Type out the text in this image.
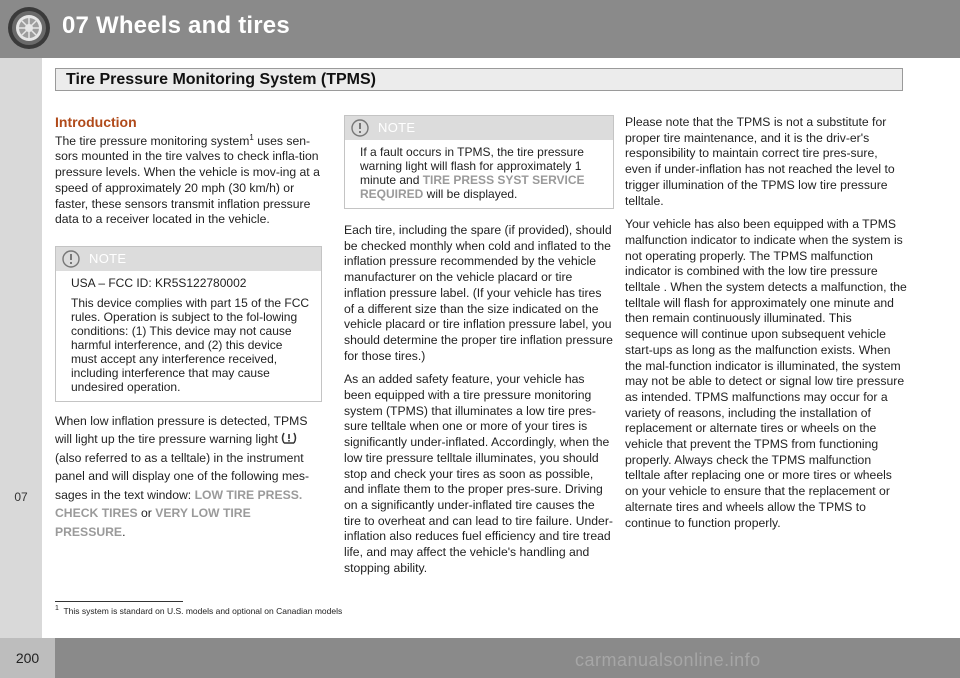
07 Wheels and tires
Tire Pressure Monitoring System (TPMS)
07
Introduction

The tire pressure monitoring system$^1$ uses sen-sors mounted in the tire valves to check infla-tion pressure levels. When the vehicle is mov-ing at a speed of approximately 20 mph (30 km/h) or faster, these sensors transmit inflation pressure data to a receiver located in the vehicle.

NOTE

USA – FCC ID: KR5S122780002

This device complies with part 15 of the FCC rules. Operation is subject to the fol-lowing conditions: (1) This device may not cause harmful interference, and (2) this device must accept any interference received, including interference that may cause undesired operation.

When low inflation pressure is detected, TPMS will light up the tire pressure warning light  (also referred to as a telltale) in the instrument panel and will display one of the following mes-sages in the text window: LOW TIRE PRESS. CHECK TIRES or VERY LOW TIRE PRESSURE.

NOTE

If a fault occurs in TPMS, the tire pressure warning light will flash for approximately 1 minute and TIRE PRESS SYST SERVICE REQUIRED will be displayed.

Each tire, including the spare (if provided), should be checked monthly when cold and inflated to the inflation pressure recommended by the vehicle manufacturer on the vehicle placard or tire inflation pressure label. (If your vehicle has tires of a different size than the size indicated on the vehicle placard or tire inflation pressure label, you should determine the proper tire inflation pressure for those tires.)

As an added safety feature, your vehicle has been equipped with a tire pressure monitoring system (TPMS) that illuminates a low tire pres-sure telltale when one or more of your tires is significantly under-inflated. Accordingly, when the low tire pressure telltale illuminates, you should stop and check your tires as soon as possible, and inflate them to the proper pres-sure. Driving on a significantly under-inflated tire causes the tire to overheat and can lead to tire failure. Under-inflation also reduces fuel efficiency and tire tread life, and may affect the vehicle's handling and stopping ability.

Please note that the TPMS is not a substitute for proper tire maintenance, and it is the driv-er's responsibility to maintain correct tire pres-sure, even if under-inflation has not reached the level to trigger illumination of the TPMS low tire pressure telltale.

Your vehicle has also been equipped with a TPMS malfunction indicator to indicate when the system is not operating properly. The TPMS malfunction indicator is combined with the low tire pressure telltale . When the system detects a malfunction, the telltale will flash for approximately one minute and then remain continuously illuminated. This sequence will continue upon subsequent vehicle start-ups as long as the malfunction exists. When the mal-function indicator is illuminated, the system may not be able to detect or signal low tire pressure as intended. TPMS malfunctions may occur for a variety of reasons, including the installation of replacement or alternate tires or wheels on the vehicle that prevent the TPMS from functioning properly. Always check the TPMS malfunction telltale after replacing one or more tires or wheels on your vehicle to ensure that the replacement or alternate tires and wheels allow the TPMS to continue to function properly.

$^1$ This system is standard on U.S. models and optional on Canadian models
200	carmanualsonline.info
